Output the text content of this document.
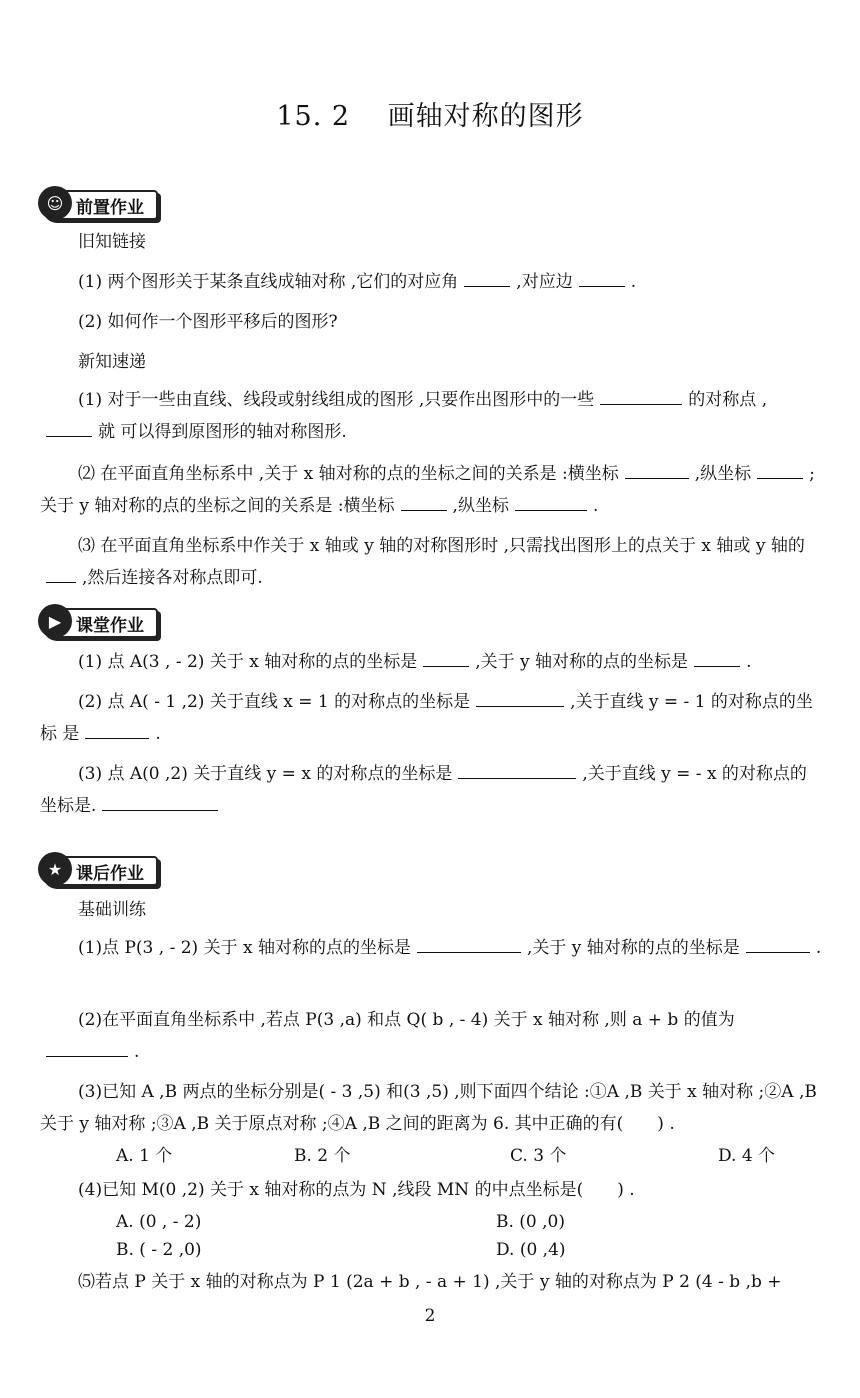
15. 2　 画轴对称的图形
☺ 前置作业

旧知链接

(1) 两个图形关于某条直线成轴对称 ,它们的对应角	,对应边	.

(2) 如何作一个图形平移后的图形?

新知速递

(1) 对于一些由直线、线段或射线组成的图形 ,只要作出图形中的一些	的对称点 ,就 可以得到原图形的轴对称图形.

⑵ 在平面直角坐标系中 ,关于 x 轴对称的点的坐标之间的关系是 :横坐标	,纵坐标	;关于 y 轴对称的点的坐标之间的关系是 :横坐标	,纵坐标	.

⑶ 在平面直角坐标系中作关于 x 轴或 y 轴的对称图形时 ,只需找出图形上的点关于 x 轴或 y 轴的,然后连接各对称点即可.

▶ 课堂作业

(1) 点 A(3 , - 2) 关于 x 轴对称的点的坐标是	,关于 y 轴对称的点的坐标是	.

(2) 点 A( - 1 ,2) 关于直线 x = 1 的对称点的坐标是	,关于直线 y = - 1 的对称点的坐标 是	.

(3) 点 A(0 ,2) 关于直线 y = x 的对称点的坐标是	,关于直线 y = - x 的对称点的坐标是.

★ 课后作业

基础训练

(1)点 P(3 , - 2) 关于 x 轴对称的点的坐标是	,关于 y 轴对称的点的坐标是	.

(2)在平面直角坐标系中 ,若点 P(3 ,a) 和点 Q( b , - 4) 关于 x 轴对称 ,则 a + b 的值为.

(3)已知 A ,B 两点的坐标分别是( - 3 ,5) 和(3 ,5) ,则下面四个结论 :①A ,B 关于 x 轴对称 ;②A ,B 关于 y 轴对称 ;③A ,B 关于原点对称 ;④A ,B 之间的距离为 6. 其中正确的有(　　) .

A. 1 个	B. 2 个	C. 3 个	D. 4 个

(4)已知 M(0 ,2) 关于 x 轴对称的点为 N ,线段 MN 的中点坐标是(　　) .

A. (0 , - 2)	B. (0 ,0)
B. ( - 2 ,0)	D. (0 ,4)

⑸若点 P 关于 x 轴的对称点为 P 1 (2a + b , - a + 1) ,关于 y 轴的对称点为 P 2 (4 - b ,b +

2
